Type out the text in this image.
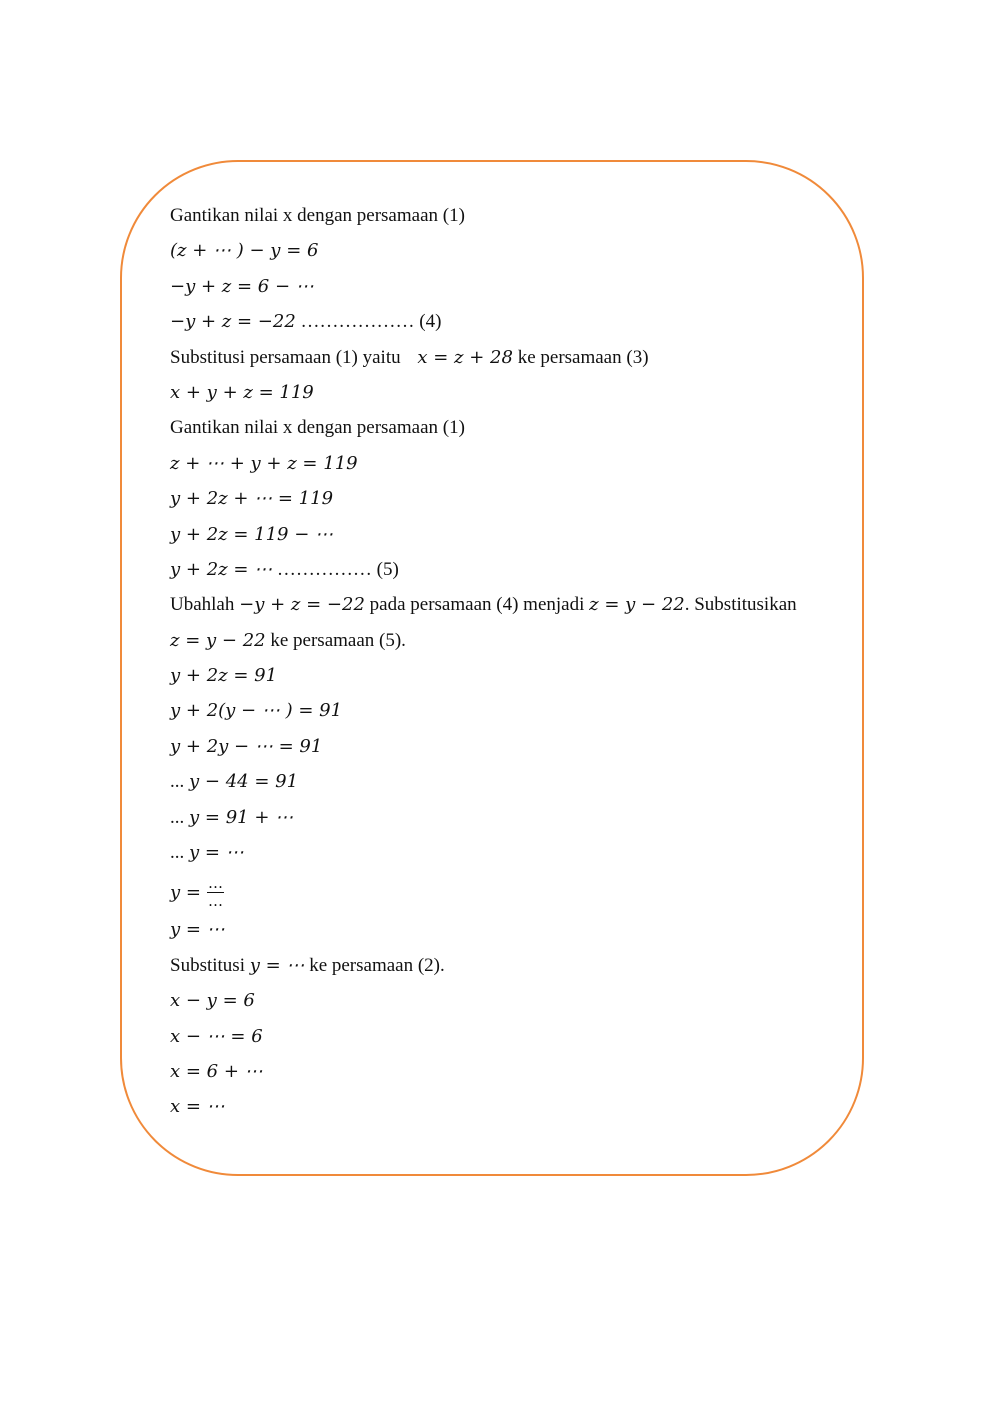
Gantikan nilai x dengan persamaan (1)
(z + ⋯ ) − y = 6
−y + z = 6 − ⋯
−y + z = −22 ……………… (4)
Substitusi persamaan (1) yaitu x = z + 28 ke persamaan (3)
x + y + z = 119
Gantikan nilai x dengan persamaan (1)
z + ⋯ + y + z = 119
y + 2z + ⋯ = 119
y + 2z = 119 − ⋯
y + 2z = ⋯ …………… (5)
Ubahlah −y + z = −22 pada persamaan (4) menjadi z = y − 22. Substitusikan
z = y − 22 ke persamaan (5).
y + 2z = 91
y + 2(y − ⋯ ) = 91
y + 2y − ⋯ = 91
... y − 44 = 91
... y = 91 + ⋯
... y = ⋯
$y = \frac{\dots}{\dots}$
y = ⋯
Substitusi y = ⋯ ke persamaan (2).
x − y = 6
x − ⋯ = 6
x = 6 + ⋯
x = ⋯
